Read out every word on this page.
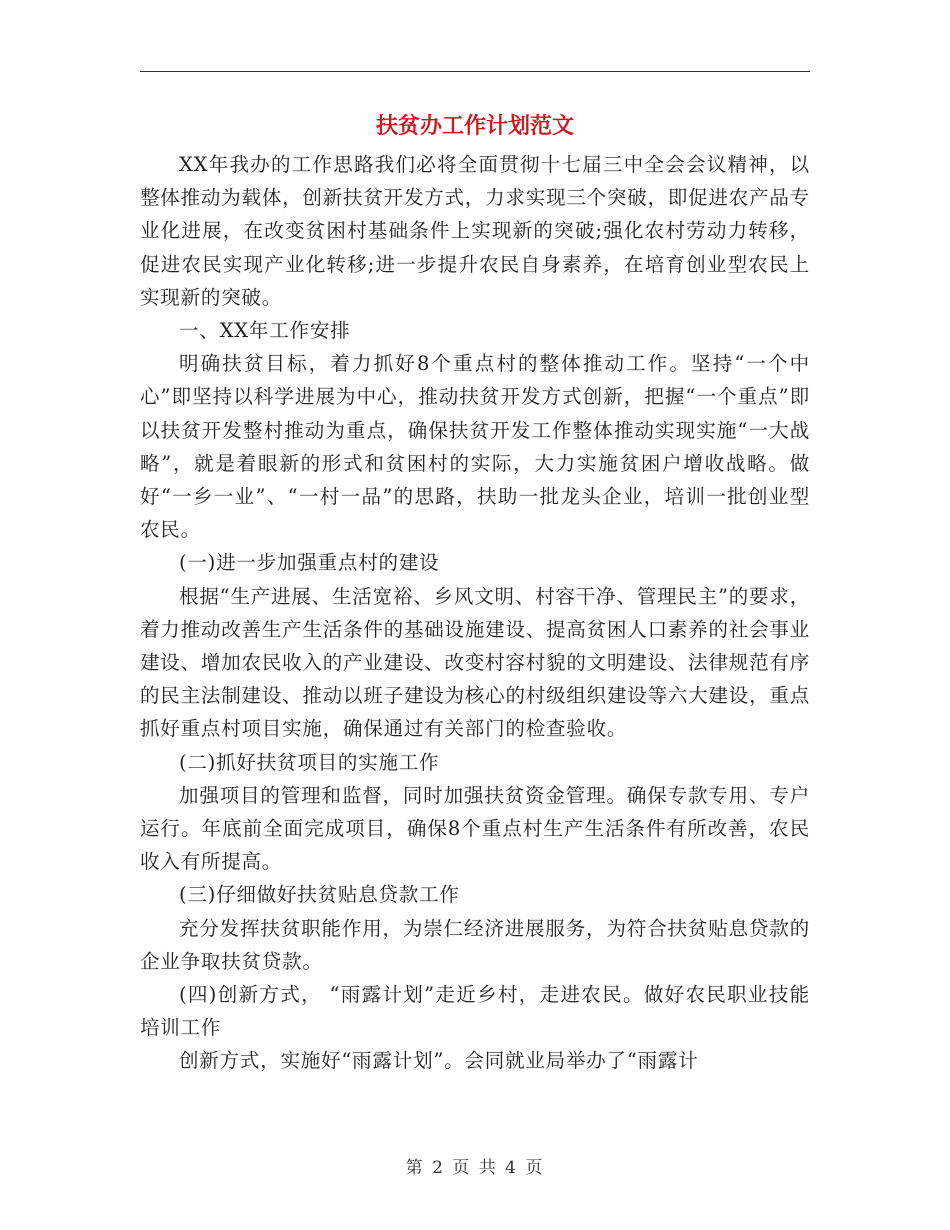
扶贫办工作计划范文

XX年我办的工作思路我们必将全面贯彻十七届三中全会会议精神，以整体推动为载体，创新扶贫开发方式，力求实现三个突破，即促进农产品专业化进展，在改变贫困村基础条件上实现新的突破;强化农村劳动力转移，促进农民实现产业化转移;进一步提升农民自身素养，在培育创业型农民上实现新的突破。

一、XX年工作安排

明确扶贫目标，着力抓好8个重点村的整体推动工作。坚持“一个中心”即坚持以科学进展为中心，推动扶贫开发方式创新，把握“一个重点”即以扶贫开发整村推动为重点，确保扶贫开发工作整体推动实现实施“一大战略”，就是着眼新的形式和贫困村的实际，大力实施贫困户增收战略。做好“一乡一业”、“一村一品”的思路，扶助一批龙头企业，培训一批创业型农民。

(一)进一步加强重点村的建设

根据“生产进展、生活宽裕、乡风文明、村容干净、管理民主”的要求，着力推动改善生产生活条件的基础设施建设、提高贫困人口素养的社会事业建设、增加农民收入的产业建设、改变村容村貌的文明建设、法律规范有序的民主法制建设、推动以班子建设为核心的村级组织建设等六大建设，重点抓好重点村项目实施，确保通过有关部门的检查验收。

(二)抓好扶贫项目的实施工作

加强项目的管理和监督，同时加强扶贫资金管理。确保专款专用、专户运行。年底前全面完成项目，确保8个重点村生产生活条件有所改善，农民收入有所提高。

(三)仔细做好扶贫贴息贷款工作

充分发挥扶贫职能作用，为崇仁经济进展服务，为符合扶贫贴息贷款的企业争取扶贫贷款。

(四)创新方式， “雨露计划”走近乡村，走进农民。做好农民职业技能培训工作

创新方式，实施好“雨露计划”。会同就业局举办了“雨露计

第 2 页 共 4 页
